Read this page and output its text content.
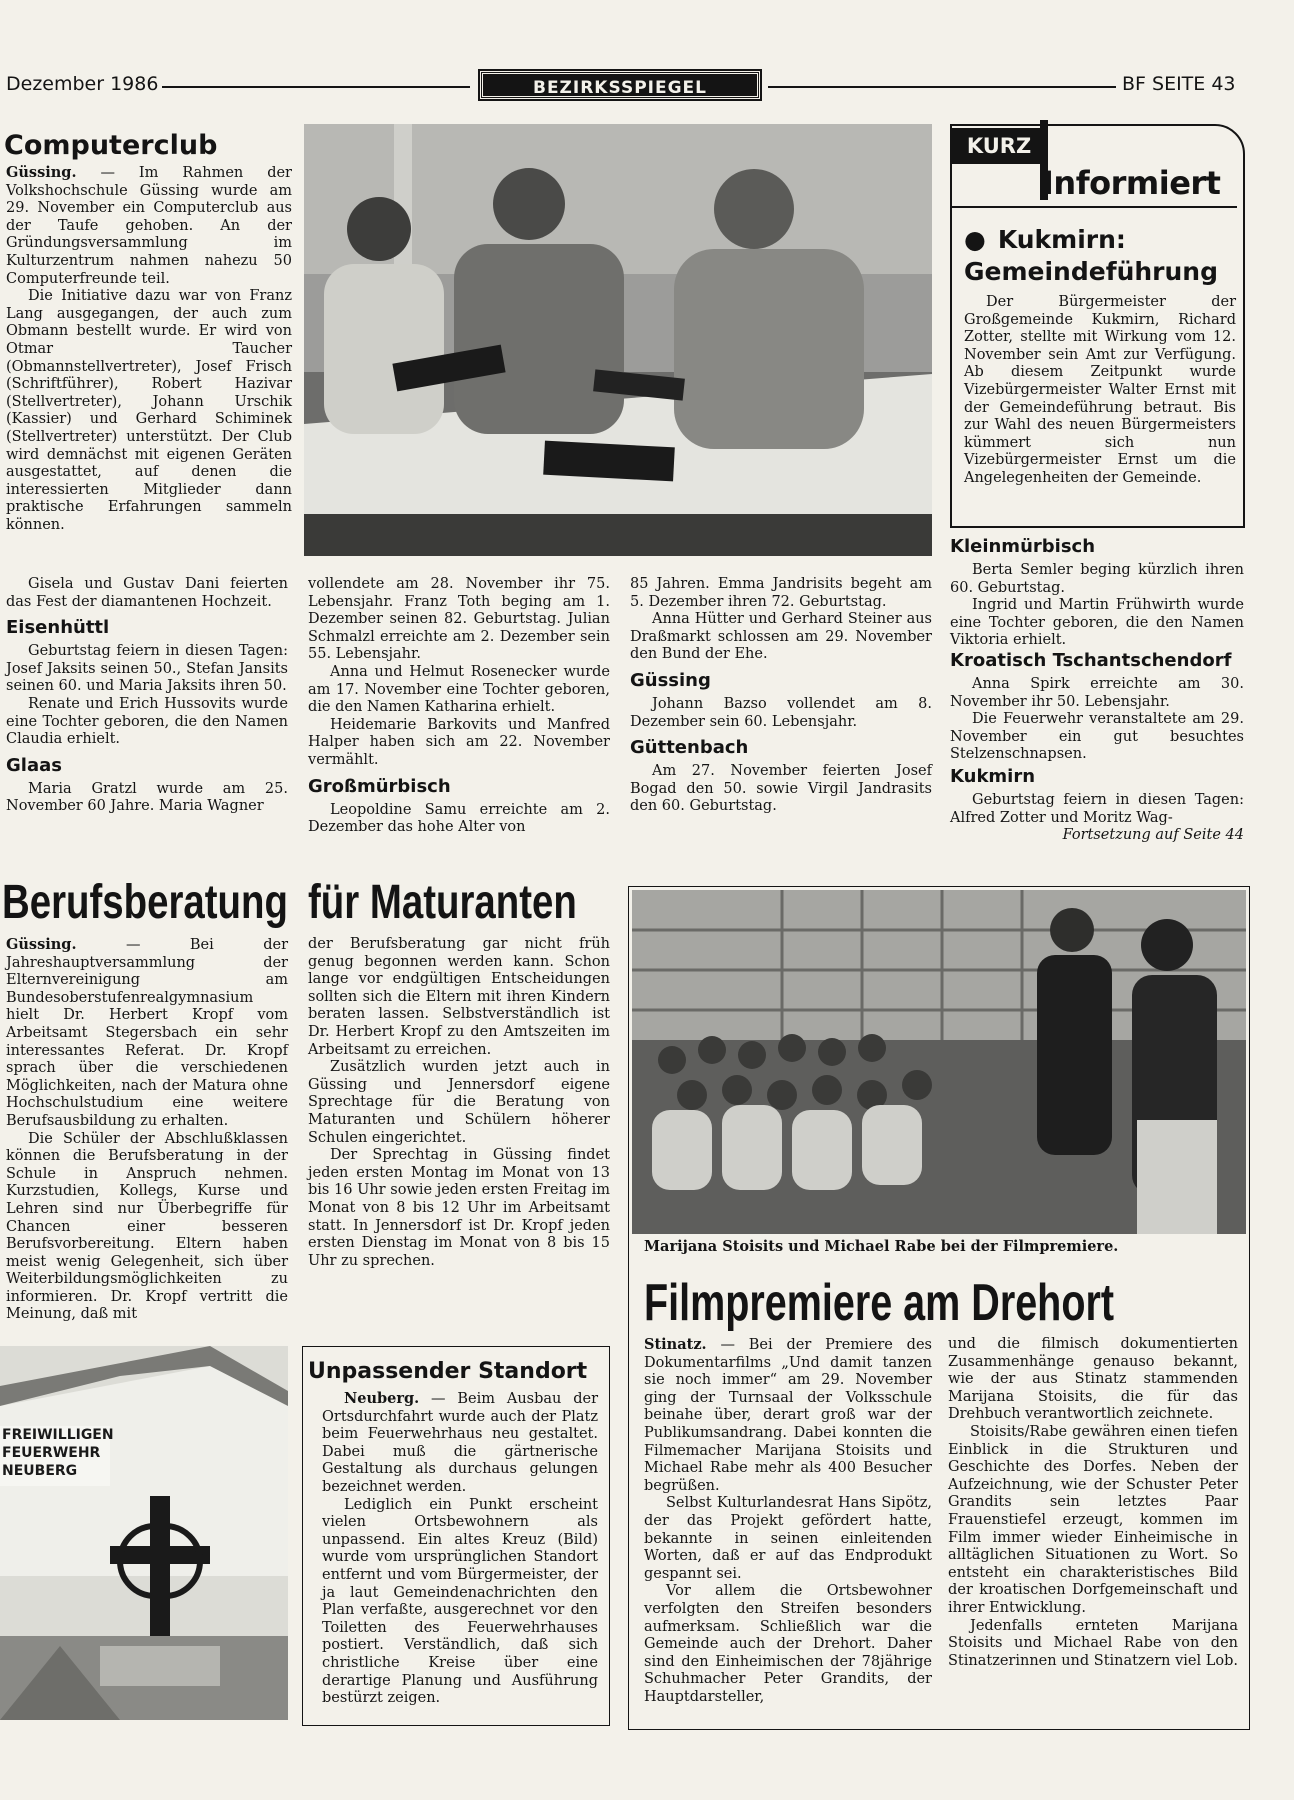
Dezember 1986	BEZIRKSSPIEGEL	BF SEITE 43
Computerclub

Güssing. — Im Rahmen der Volkshochschule Güssing wurde am 29. November ein Computerclub aus der Taufe gehoben. An der Gründungsversammlung im Kulturzentrum nahmen nahezu 50 Computerfreunde teil.

Die Initiative dazu war von Franz Lang ausgegangen, der auch zum Obmann bestellt wurde. Er wird von Otmar Taucher (Obmannstellvertreter), Josef Frisch (Schriftführer), Robert Hazivar (Stellvertreter), Johann Urschik (Kassier) und Gerhard Schiminek (Stellvertreter) unterstützt. Der Club wird demnächst mit eigenen Geräten ausgestattet, auf denen die interessierten Mitglieder dann praktische Erfahrungen sammeln können.

KURZ
Informiert
● Kukmirn:
Gemeindeführung

Der Bürgermeister der Großgemeinde Kukmirn, Richard Zotter, stellte mit Wirkung vom 12. November sein Amt zur Verfügung. Ab diesem Zeitpunkt wurde Vizebürgermeister Walter Ernst mit der Gemeindeführung betraut. Bis zur Wahl des neuen Bürgermeisters kümmert sich nun Vizebürgermeister Ernst um die Angelegenheiten der Gemeinde.

Gisela und Gustav Dani feierten das Fest der diamantenen Hochzeit.

Eisenhüttl

Geburtstag feiern in diesen Tagen: Josef Jaksits seinen 50., Stefan Jansits seinen 60. und Maria Jaksits ihren 50.

Renate und Erich Hussovits wurde eine Tochter geboren, die den Namen Claudia erhielt.

Glaas

Maria Gratzl wurde am 25. November 60 Jahre. Maria Wagner

vollendete am 28. November ihr 75. Lebensjahr. Franz Toth beging am 1. Dezember seinen 82. Geburtstag. Julian Schmalzl erreichte am 2. Dezember sein 55. Lebensjahr.

Anna und Helmut Rosenecker wurde am 17. November eine Tochter geboren, die den Namen Katharina erhielt.

Heidemarie Barkovits und Manfred Halper haben sich am 22. November vermählt.

Großmürbisch

Leopoldine Samu erreichte am 2. Dezember das hohe Alter von

85 Jahren. Emma Jandrisits begeht am 5. Dezember ihren 72. Geburtstag.

Anna Hütter und Gerhard Steiner aus Draßmarkt schlossen am 29. November den Bund der Ehe.

Güssing

Johann Bazso vollendet am 8. Dezember sein 60. Lebensjahr.

Güttenbach

Am 27. November feierten Josef Bogad den 50. sowie Virgil Jandrasits den 60. Geburtstag.

Kleinmürbisch

Berta Semler beging kürzlich ihren 60. Geburtstag.

Ingrid und Martin Frühwirth wurde eine Tochter geboren, die den Namen Viktoria erhielt.

Kroatisch Tschantschendorf

Anna Spirk erreichte am 30. November ihr 50. Lebensjahr.

Die Feuerwehr veranstaltete am 29. November ein gut besuchtes Stelzenschnapsen.

Kukmirn

Geburtstag feiern in diesen Tagen: Alfred Zotter und Moritz Wag-

Fortsetzung auf Seite 44
Berufsberatung für Maturanten

Güssing. — Bei der Jahreshauptversammlung der Elternvereinigung am Bundesoberstufenrealgymnasium hielt Dr. Herbert Kropf vom Arbeitsamt Stegersbach ein sehr interessantes Referat. Dr. Kropf sprach über die verschiedenen Möglichkeiten, nach der Matura ohne Hochschulstudium eine weitere Berufsausbildung zu erhalten.

Die Schüler der Abschlußklassen können die Berufsberatung in der Schule in Anspruch nehmen. Kurzstudien, Kollegs, Kurse und Lehren sind nur Überbegriffe für Chancen einer besseren Berufsvorbereitung. Eltern haben meist wenig Gelegenheit, sich über Weiterbildungsmöglichkeiten zu informieren. Dr. Kropf vertritt die Meinung, daß mit

der Berufsberatung gar nicht früh genug begonnen werden kann. Schon lange vor endgültigen Entscheidungen sollten sich die Eltern mit ihren Kindern beraten lassen. Selbstverständlich ist Dr. Herbert Kropf zu den Amtszeiten im Arbeitsamt zu erreichen.

Zusätzlich wurden jetzt auch in Güssing und Jennersdorf eigene Sprechtage für die Beratung von Maturanten und Schülern höherer Schulen eingerichtet.

Der Sprechtag in Güssing findet jeden ersten Montag im Monat von 13 bis 16 Uhr sowie jeden ersten Freitag im Monat von 8 bis 12 Uhr im Arbeitsamt statt. In Jennersdorf ist Dr. Kropf jeden ersten Dienstag im Monat von 8 bis 15 Uhr zu sprechen.

Marijana Stoisits und Michael Rabe bei der Filmpremiere.
Filmpremiere am Drehort

Stinatz. — Bei der Premiere des Dokumentarfilms „Und damit tanzen sie noch immer“ am 29. November ging der Turnsaal der Volksschule beinahe über, derart groß war der Publikumsandrang. Dabei konnten die Filmemacher Marijana Stoisits und Michael Rabe mehr als 400 Besucher begrüßen.

Selbst Kulturlandesrat Hans Sipötz, der das Projekt gefördert hatte, bekannte in seinen einleitenden Worten, daß er auf das Endprodukt gespannt sei.

Vor allem die Ortsbewohner verfolgten den Streifen besonders aufmerksam. Schließlich war die Gemeinde auch der Drehort. Daher sind den Einheimischen der 78jährige Schuhmacher Peter Grandits, der Hauptdarsteller,

und die filmisch dokumentierten Zusammenhänge genauso bekannt, wie der aus Stinatz stammenden Marijana Stoisits, die für das Drehbuch verantwortlich zeichnete.

Stoisits/Rabe gewähren einen tiefen Einblick in die Strukturen und Geschichte des Dorfes. Neben der Aufzeichnung, wie der Schuster Peter Grandits sein letztes Paar Frauenstiefel erzeugt, kommen im Film immer wieder Einheimische in alltäglichen Situationen zu Wort. So entsteht ein charakteristisches Bild der kroatischen Dorfgemeinschaft und ihrer Entwicklung.

Jedenfalls ernteten Marijana Stoisits und Michael Rabe von den Stinatzerinnen und Stinatzern viel Lob.

FREIWILLIGEN
FEUERWEHR
NEUBERG
Unpassender Standort

Neuberg. — Beim Ausbau der Ortsdurchfahrt wurde auch der Platz beim Feuerwehrhaus neu gestaltet. Dabei muß die gärtnerische Gestaltung als durchaus gelungen bezeichnet werden.

Lediglich ein Punkt erscheint vielen Ortsbewohnern als unpassend. Ein altes Kreuz (Bild) wurde vom ursprünglichen Standort entfernt und vom Bürgermeister, der ja laut Gemeindenachrichten den Plan verfaßte, ausgerechnet vor den Toiletten des Feuerwehrhauses postiert. Verständlich, daß sich christliche Kreise über eine derartige Planung und Ausführung bestürzt zeigen.
